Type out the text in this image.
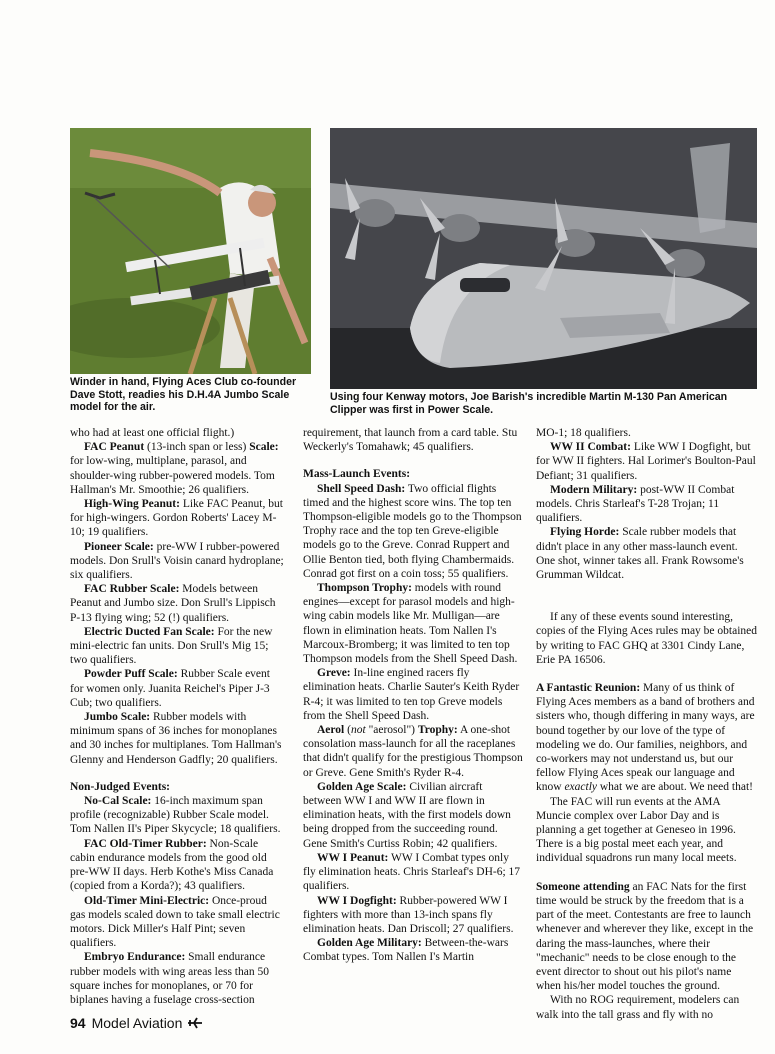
Winder in hand, Flying Aces Club co-founder Dave Stott, readies his D.H.4A Jumbo Scale model for the air.
Using four Kenway motors, Joe Barish's incredible Martin M-130 Pan American Clipper was first in Power Scale.

who had at least one official flight.)

FAC Peanut (13-inch span or less) Scale: for low-wing, multiplane, parasol, and shoulder-wing rubber-powered models. Tom Hallman's Mr. Smoothie; 26 qualifiers.

High-Wing Peanut: Like FAC Peanut, but for high-wingers. Gordon Roberts' Lacey M-10; 19 qualifiers.

Pioneer Scale: pre-WW I rubber-powered models. Don Srull's Voisin canard hydroplane; six qualifiers.

FAC Rubber Scale: Models between Peanut and Jumbo size. Don Srull's Lippisch P-13 flying wing; 52 (!) qualifiers.

Electric Ducted Fan Scale: For the new mini-electric fan units. Don Srull's Mig 15; two qualifiers.

Powder Puff Scale: Rubber Scale event for women only. Juanita Reichel's Piper J-3 Cub; two qualifiers.

Jumbo Scale: Rubber models with minimum spans of 36 inches for monoplanes and 30 inches for multiplanes. Tom Hallman's Glenny and Henderson Gadfly; 20 qualifiers.

Non-Judged Events:

No-Cal Scale: 16-inch maximum span profile (recognizable) Rubber Scale model. Tom Nallen II's Piper Skycycle; 18 qualifiers.

FAC Old-Timer Rubber: Non-Scale cabin endurance models from the good old pre-WW II days. Herb Kothe's Miss Canada (copied from a Korda?); 43 qualifiers.

Old-Timer Mini-Electric: Once-proud gas models scaled down to take small electric motors. Dick Miller's Half Pint; seven qualifiers.

Embryo Endurance: Small endurance rubber models with wing areas less than 50 square inches for monoplanes, or 70 for biplanes having a fuselage cross-section

requirement, that launch from a card table. Stu Weckerly's Tomahawk; 45 qualifiers.

Mass-Launch Events:

Shell Speed Dash: Two official flights timed and the highest score wins. The top ten Thompson-eligible models go to the Thompson Trophy race and the top ten Greve-eligible models go to the Greve. Conrad Ruppert and Ollie Benton tied, both flying Chambermaids. Conrad got first on a coin toss; 55 qualifiers.

Thompson Trophy: models with round engines—except for parasol models and high-wing cabin models like Mr. Mulligan—are flown in elimination heats. Tom Nallen I's Marcoux-Bromberg; it was limited to ten top Thompson models from the Shell Speed Dash.

Greve: In-line engined racers fly elimination heats. Charlie Sauter's Keith Ryder R-4; it was limited to ten top Greve models from the Shell Speed Dash.

Aerol (not "aerosol") Trophy: A one-shot consolation mass-launch for all the raceplanes that didn't qualify for the prestigious Thompson or Greve. Gene Smith's Ryder R-4.

Golden Age Scale: Civilian aircraft between WW I and WW II are flown in elimination heats, with the first models down being dropped from the succeeding round. Gene Smith's Curtiss Robin; 42 qualifiers.

WW I Peanut: WW I Combat types only fly elimination heats. Chris Starleaf's DH-6; 17 qualifiers.

WW I Dogfight: Rubber-powered WW I fighters with more than 13-inch spans fly elimination heats. Dan Driscoll; 27 qualifiers.

Golden Age Military: Between-the-wars Combat types. Tom Nallen I's Martin

MO-1; 18 qualifiers.

WW II Combat: Like WW I Dogfight, but for WW II fighters. Hal Lorimer's Boulton-Paul Defiant; 31 qualifiers.

Modern Military: post-WW II Combat models. Chris Starleaf's T-28 Trojan; 11 qualifiers.

Flying Horde: Scale rubber models that didn't place in any other mass-launch event. One shot, winner takes all. Frank Rowsome's Grumman Wildcat.

If any of these events sound interesting, copies of the Flying Aces rules may be obtained by writing to FAC GHQ at 3301 Cindy Lane, Erie PA 16506.

A Fantastic Reunion: Many of us think of Flying Aces members as a band of brothers and sisters who, though differing in many ways, are bound together by our love of the type of modeling we do. Our families, neighbors, and co-workers may not understand us, but our fellow Flying Aces speak our language and know exactly what we are about. We need that!

The FAC will run events at the AMA Muncie complex over Labor Day and is planning a get together at Geneseo in 1996. There is a big postal meet each year, and individual squadrons run many local meets.

Someone attending an FAC Nats for the first time would be struck by the freedom that is a part of the meet. Contestants are free to launch whenever and wherever they like, except in the daring the mass-launches, where their "mechanic" needs to be close enough to the event director to shout out his pilot's name when his/her model touches the ground.

With no ROG requirement, modelers can walk into the tall grass and fly with no

94 Model Aviation
